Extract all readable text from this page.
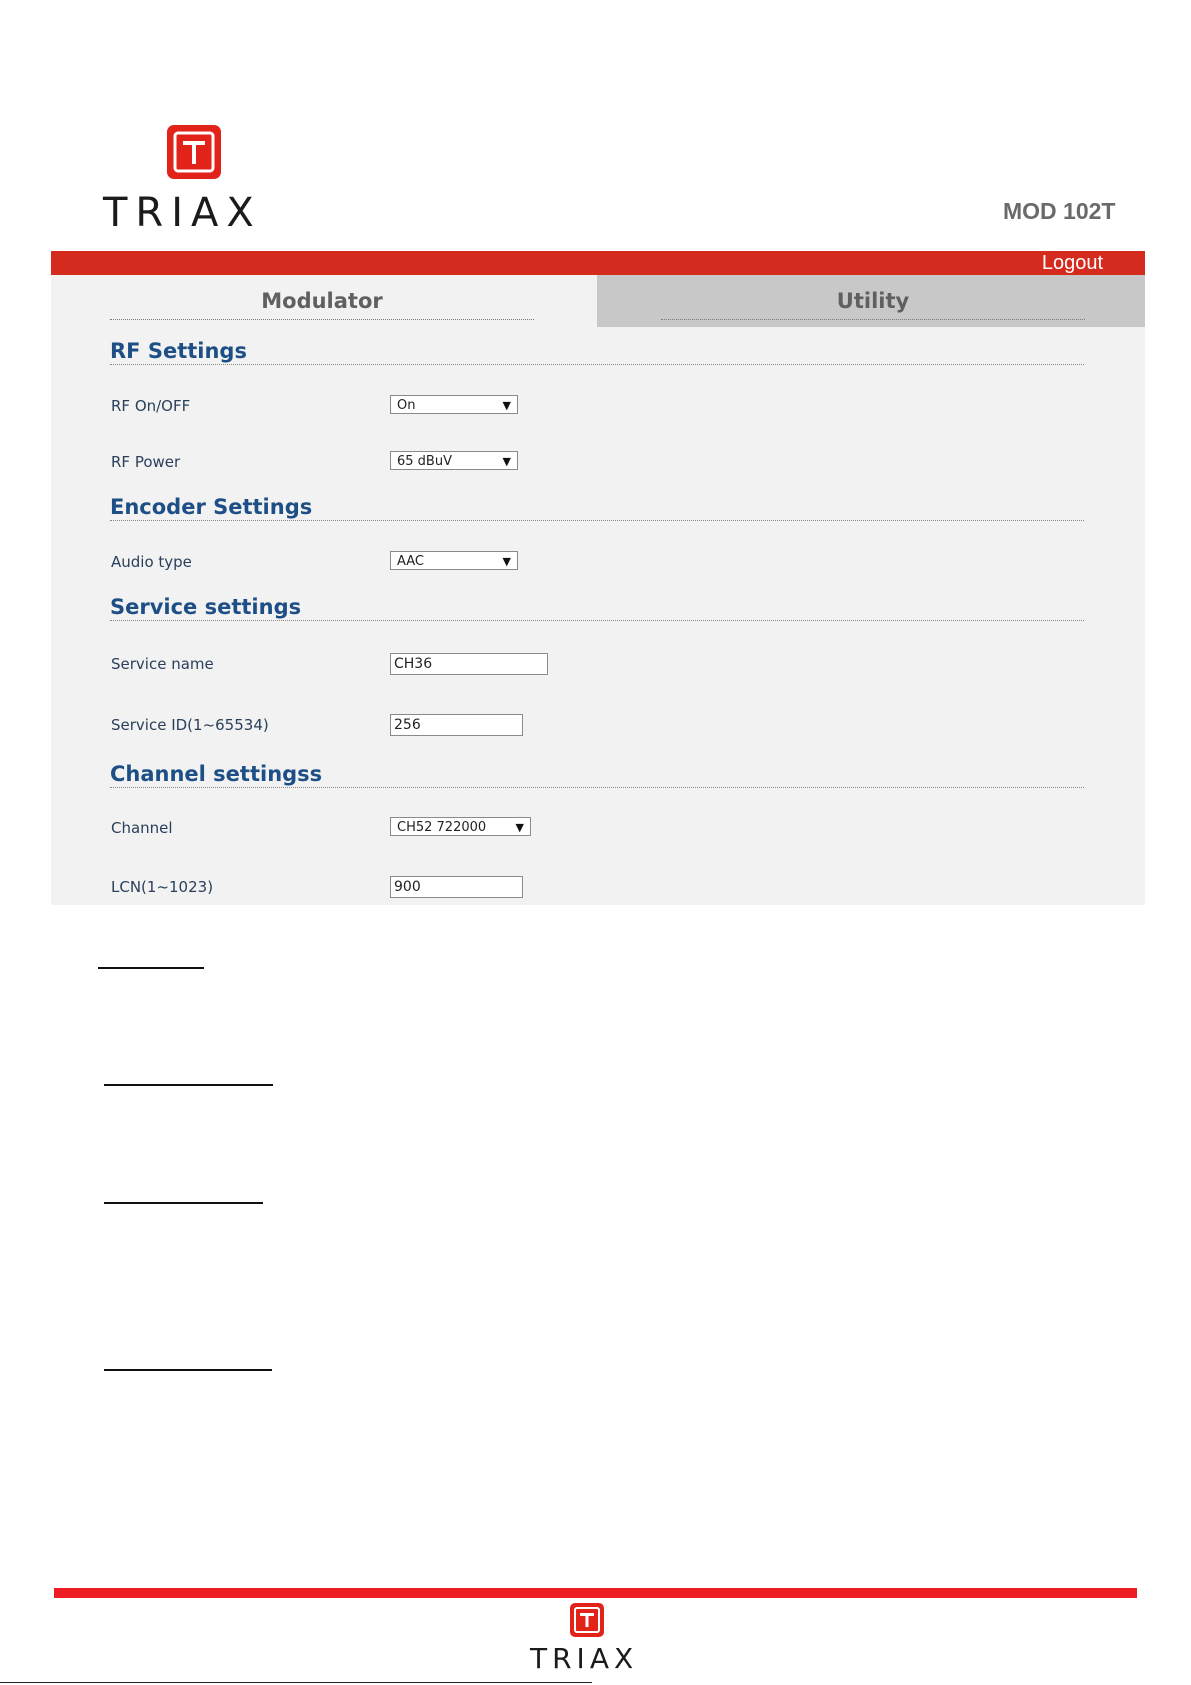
TRIAX	MOD 102T
Logout
Modulator	Utility
RF Settings
RF On/OFF	On	▼
RF Power	65 dBuV	▼
Encoder Settings
Audio type	AAC	▼
Service settings
Service name	CH36
Service ID(1~65534)	256
Channel settingss
Channel	CH52 722000	▼
LCN(1~1023)	900
TRIAX
